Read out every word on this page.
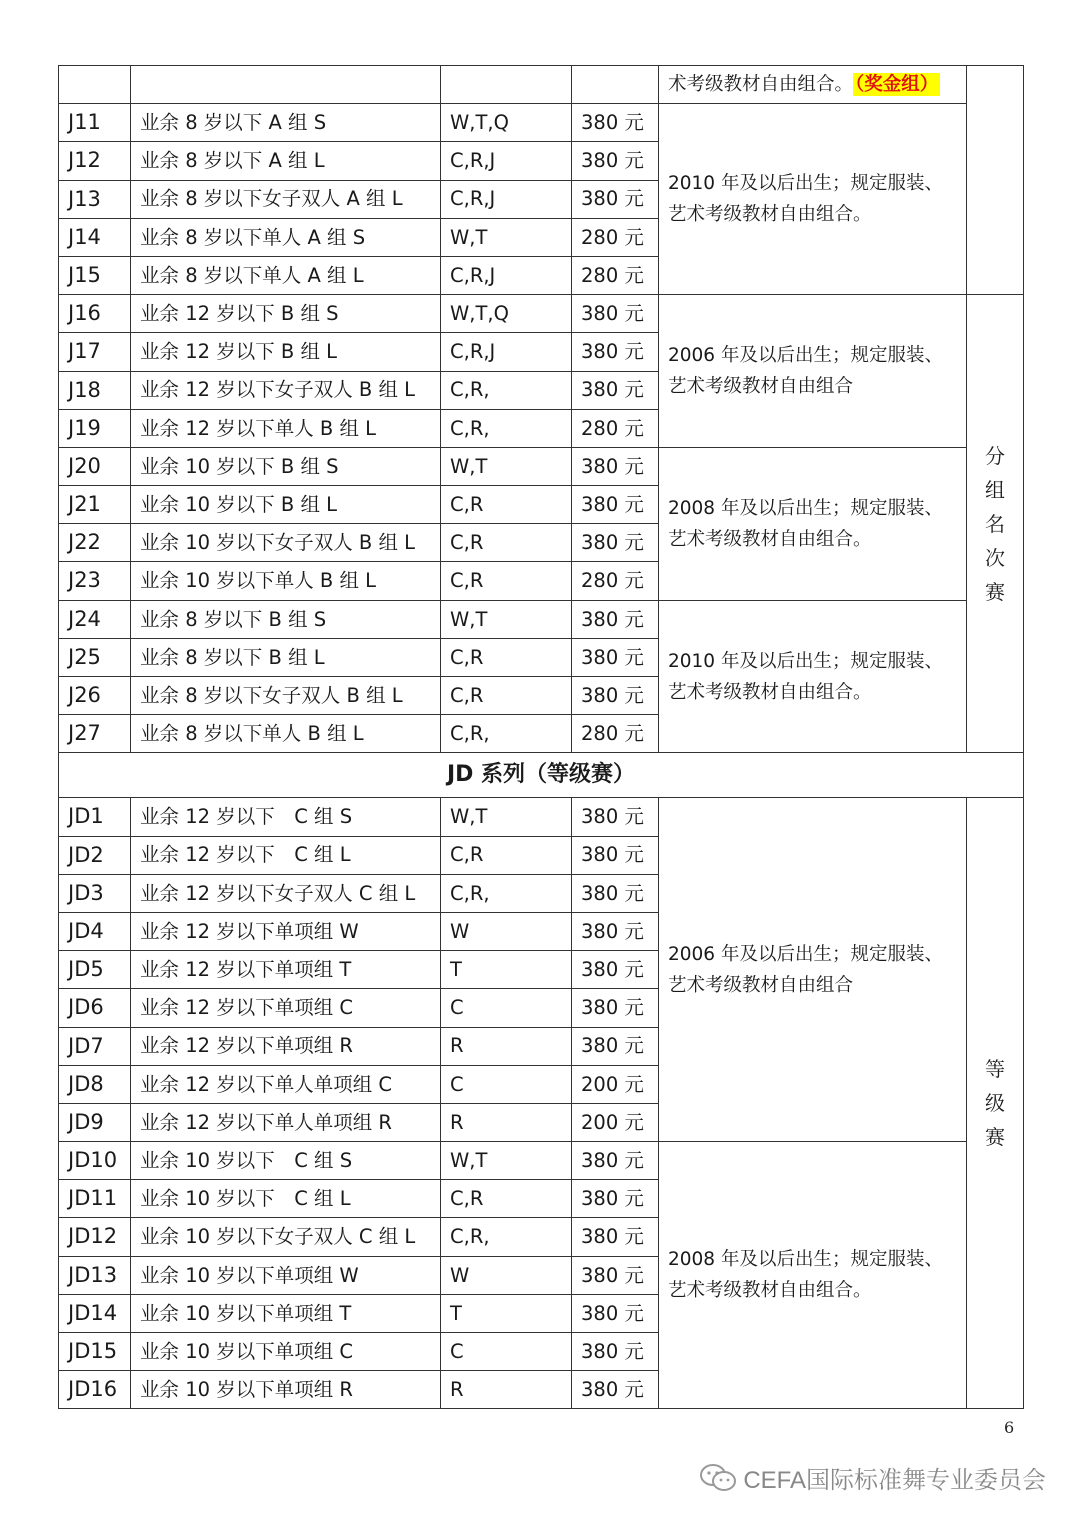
				术考级教材自由组合。 （奖金组）	
J11	业余 8 岁以下 A 组 S	W,T,Q	380 元	2010 年及以后出生；规定服装、艺术考级教材自由组合。	
J12	业余 8 岁以下 A 组 L	C,R,J	380 元		
J13	业余 8 岁以下女子双人 A 组 L	C,R,J	380 元		
J14	业余 8 岁以下单人 A 组 S	W,T	280 元		
J15	业余 8 岁以下单人 A 组 L	C,R,J	280 元		
J16	业余 12 岁以下 B 组 S	W,T,Q	380 元	2006 年及以后出生；规定服装、艺术考级教材自由组合	分组名次赛
J17	业余 12 岁以下 B 组 L	C,R,J	380 元		
J18	业余 12 岁以下女子双人 B 组 L	C,R,	380 元		
J19	业余 12 岁以下单人 B 组 L	C,R,	280 元		
J20	业余 10 岁以下 B 组 S	W,T	380 元	2008 年及以后出生；规定服装、艺术考级教材自由组合。	
J21	业余 10 岁以下 B 组 L	C,R	380 元		
J22	业余 10 岁以下女子双人 B 组 L	C,R	380 元		
J23	业余 10 岁以下单人 B 组 L	C,R	280 元		
J24	业余 8 岁以下 B 组 S	W,T	380 元	2010 年及以后出生；规定服装、艺术考级教材自由组合。	
J25	业余 8 岁以下 B 组 L	C,R	380 元		
J26	业余 8 岁以下女子双人 B 组 L	C,R	380 元		
J27	业余 8 岁以下单人 B 组 L	C,R,	280 元		
JD 系列（等级赛）					
JD1	业余 12 岁以下　C 组 S	W,T	380 元	2006 年及以后出生；规定服装、艺术考级教材自由组合	等级赛
JD2	业余 12 岁以下　C 组 L	C,R	380 元		
JD3	业余 12 岁以下女子双人 C 组 L	C,R,	380 元		
JD4	业余 12 岁以下单项组 W	W	380 元		
JD5	业余 12 岁以下单项组 T	T	380 元		
JD6	业余 12 岁以下单项组 C	C	380 元		
JD7	业余 12 岁以下单项组 R	R	380 元		
JD8	业余 12 岁以下单人单项组 C	C	200 元		
JD9	业余 12 岁以下单人单项组 R	R	200 元		
JD10	业余 10 岁以下　C 组 S	W,T	380 元	2008 年及以后出生；规定服装、艺术考级教材自由组合。	
JD11	业余 10 岁以下　C 组 L	C,R	380 元		
JD12	业余 10 岁以下女子双人 C 组 L	C,R,	380 元		
JD13	业余 10 岁以下单项组 W	W	380 元		
JD14	业余 10 岁以下单项组 T	T	380 元		
JD15	业余 10 岁以下单项组 C	C	380 元		
JD16	业余 10 岁以下单项组 R	R	380 元		
6
CEFA国际标准舞专业委员会
